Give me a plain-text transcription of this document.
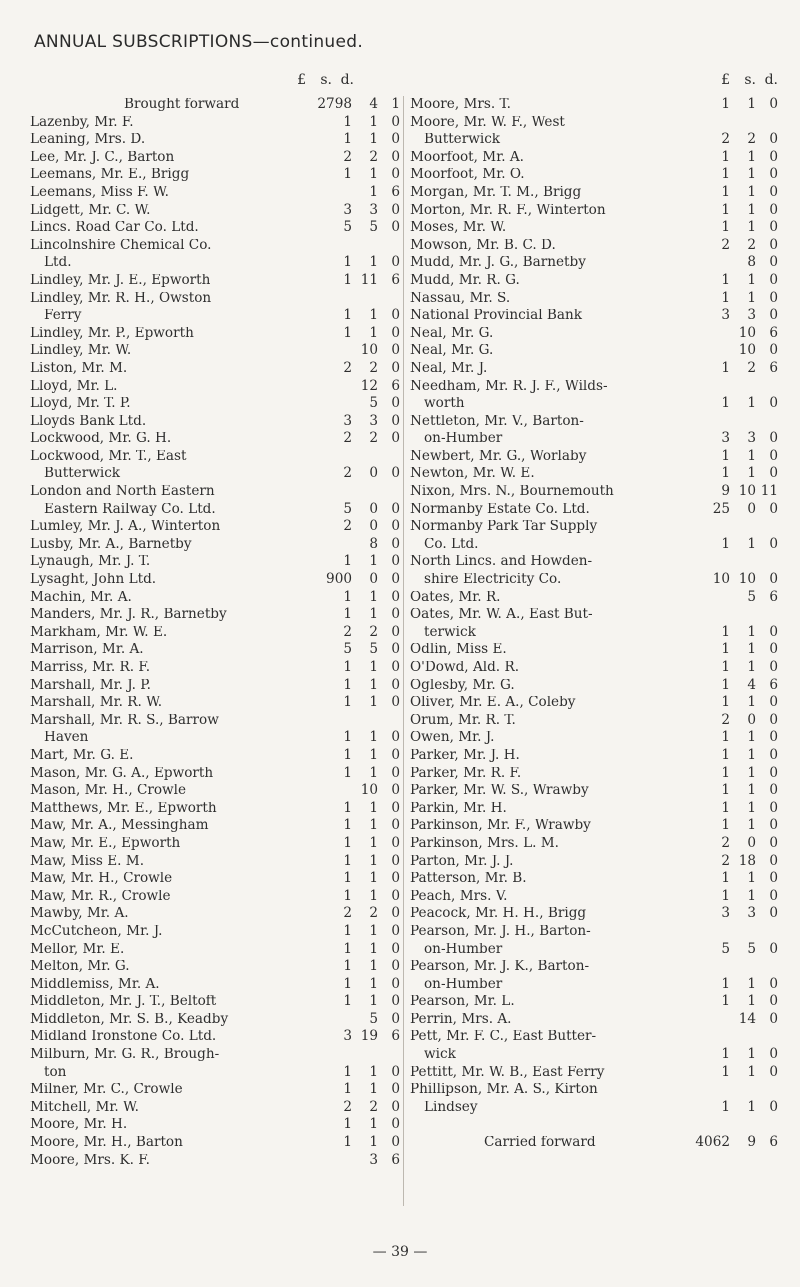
ANNUAL SUBSCRIPTIONS—continued.
£	s. d.	£	s. d.
Brought forward	2798	4 1
Lazenby, Mr. F.	1	1 0
Leaning, Mrs. D.	1	1 0
Lee, Mr. J. C., Barton	2	2 0
Leemans, Mr. E., Brigg	1	1 0
Leemans, Miss F. W.	1 6
Lidgett, Mr. C. W.	3	3 0
Lincs. Road Car Co. Ltd.	5	5 0
Lincolnshire Chemical Co.
Ltd.	1	1 0
Lindley, Mr. J. E., Epworth	1 11 6
Lindley, Mr. R. H., Owston
Ferry	1	1 0
Lindley, Mr. P., Epworth	1	1 0
Lindley, Mr. W.	10 0
Liston, Mr. M.	2	2 0
Lloyd, Mr. L.	12 6
Lloyd, Mr. T. P.	5 0
Lloyds Bank Ltd.	3	3 0
Lockwood, Mr. G. H.	2	2 0
Lockwood, Mr. T., East
Butterwick	2	0 0
London and North Eastern
Eastern Railway Co. Ltd.	5	0 0
Lumley, Mr. J. A., Winterton	2	0 0
Lusby, Mr. A., Barnetby	8 0
Lynaugh, Mr. J. T.	1	1 0
Lysaght, John Ltd.	900	0 0
Machin, Mr. A.	1	1 0
Manders, Mr. J. R., Barnetby	1	1 0
Markham, Mr. W. E.	2	2 0
Marrison, Mr. A.	5	5 0
Marriss, Mr. R. F.	1	1 0
Marshall, Mr. J. P.	1	1 0
Marshall, Mr. R. W.	1	1 0
Marshall, Mr. R. S., Barrow
Haven	1	1 0
Mart, Mr. G. E.	1	1 0
Mason, Mr. G. A., Epworth	1	1 0
Mason, Mr. H., Crowle	10 0
Matthews, Mr. E., Epworth	1	1 0
Maw, Mr. A., Messingham	1	1 0
Maw, Mr. E., Epworth	1	1 0
Maw, Miss E. M.	1	1 0
Maw, Mr. H., Crowle	1	1 0
Maw, Mr. R., Crowle	1	1 0
Mawby, Mr. A.	2	2 0
McCutcheon, Mr. J.	1	1 0
Mellor, Mr. E.	1	1 0
Melton, Mr. G.	1	1 0
Middlemiss, Mr. A.	1	1 0
Middleton, Mr. J. T., Beltoft	1	1 0
Middleton, Mr. S. B., Keadby	5 0
Midland Ironstone Co. Ltd.	3 19 6
Milburn, Mr. G. R., Brough-
ton	1	1 0
Milner, Mr. C., Crowle	1	1 0
Mitchell, Mr. W.	2	2 0
Moore, Mr. H.	1	1 0
Moore, Mr. H., Barton	1	1 0
Moore, Mrs. K. F.	3 6
Moore, Mrs. T.	1	1 0
Moore, Mr. W. F., West
Butterwick	2	2 0
Moorfoot, Mr. A.	1	1 0
Moorfoot, Mr. O.	1	1 0
Morgan, Mr. T. M., Brigg	1	1 0
Morton, Mr. R. F., Winterton	1	1 0
Moses, Mr. W.	1	1 0
Mowson, Mr. B. C. D.	2	2 0
Mudd, Mr. J. G., Barnetby	8 0
Mudd, Mr. R. G.	1	1 0
Nassau, Mr. S.	1	1 0
National Provincial Bank	3	3 0
Neal, Mr. G.	10 6
Neal, Mr. G.	10 0
Neal, Mr. J.	1	2 6
Needham, Mr. R. J. F., Wilds-
worth	1	1 0
Nettleton, Mr. V., Barton-
on-Humber	3	3 0
Newbert, Mr. G., Worlaby	1	1 0
Newton, Mr. W. E.	1	1 0
Nixon, Mrs. N., Bournemouth	9 10 11
Normanby Estate Co. Ltd.	25	0 0
Normanby Park Tar Supply
Co. Ltd.	1	1 0
North Lincs. and Howden-
shire Electricity Co.	10 10 0
Oates, Mr. R.	5 6
Oates, Mr. W. A., East But-
terwick	1	1 0
Odlin, Miss E.	1	1 0
O'Dowd, Ald. R.	1	1 0
Oglesby, Mr. G.	1	4 6
Oliver, Mr. E. A., Coleby	1	1 0
Orum, Mr. R. T.	2	0 0
Owen, Mr. J.	1	1 0
Parker, Mr. J. H.	1	1 0
Parker, Mr. R. F.	1	1 0
Parker, Mr. W. S., Wrawby	1	1 0
Parkin, Mr. H.	1	1 0
Parkinson, Mr. F., Wrawby	1	1 0
Parkinson, Mrs. L. M.	2	0 0
Parton, Mr. J. J.	2 18 0
Patterson, Mr. B.	1	1 0
Peach, Mrs. V.	1	1 0
Peacock, Mr. H. H., Brigg	3	3 0
Pearson, Mr. J. H., Barton-
on-Humber	5	5 0
Pearson, Mr. J. K., Barton-
on-Humber	1	1 0
Pearson, Mr. L.	1	1 0
Perrin, Mrs. A.	14 0
Pett, Mr. F. C., East Butter-
wick	1	1 0
Pettitt, Mr. W. B., East Ferry	1	1 0
Phillipson, Mr. A. S., Kirton
Lindsey	1	1 0
Carried forward	4062	9 6
— 39 —
